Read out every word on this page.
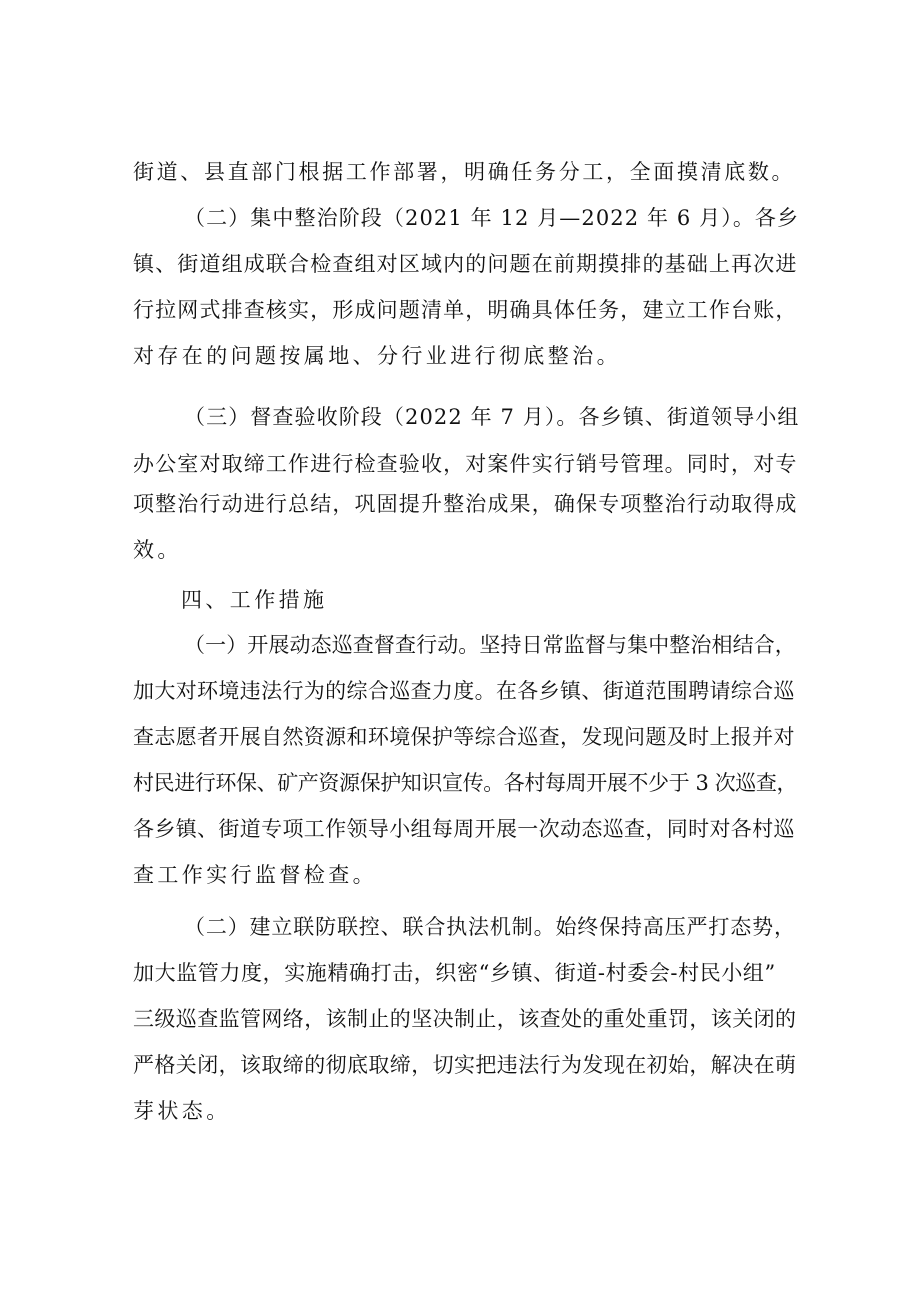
街道、县直部门根据工作部署，明确任务分工，全面摸清底数。
（二）集中整治阶段（2021 年 12 月—2022 年 6 月）。各乡
镇、街道组成联合检查组对区域内的问题在前期摸排的基础上再次进
行拉网式排查核实，形成问题清单，明确具体任务，建立工作台账，
对存在的问题按属地、分行业进行彻底整治。
（三）督查验收阶段（2022 年 7 月）。各乡镇、街道领导小组
办公室对取缔工作进行检查验收，对案件实行销号管理。同时，对专
项整治行动进行总结，巩固提升整治成果，确保专项整治行动取得成
效。
四、工作措施
（一）开展动态巡查督查行动。坚持日常监督与集中整治相结合，
加大对环境违法行为的综合巡查力度。在各乡镇、街道范围聘请综合巡
查志愿者开展自然资源和环境保护等综合巡查，发现问题及时上报并对
村民进行环保、矿产资源保护知识宣传。各村每周开展不少于 3 次巡查，
各乡镇、街道专项工作领导小组每周开展一次动态巡查，同时对各村巡
查工作实行监督检查。
（二）建立联防联控、联合执法机制。始终保持高压严打态势，
加大监管力度，实施精确打击，织密“乡镇、街道-村委会-村民小组”
三级巡查监管网络，该制止的坚决制止，该查处的重处重罚，该关闭的
严格关闭，该取缔的彻底取缔，切实把违法行为发现在初始，解决在萌
芽状态。
